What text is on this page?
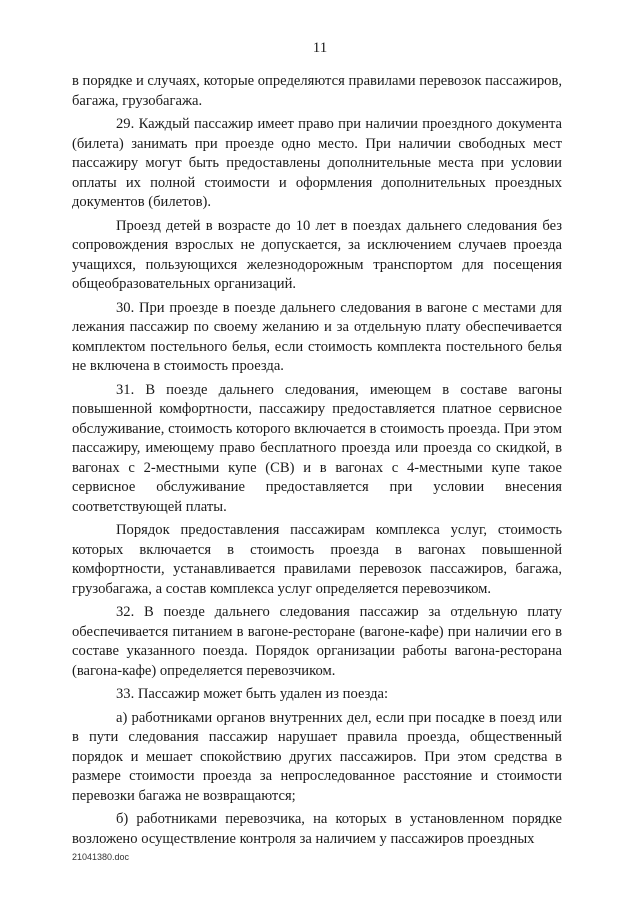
11

в порядке и случаях, которые определяются правилами перевозок пассажиров, багажа, грузобагажа.

29. Каждый пассажир имеет право при наличии проездного документа (билета) занимать при проезде одно место. При наличии свободных мест пассажиру могут быть предоставлены дополнительные места при условии оплаты их полной стоимости и оформления дополнительных проездных документов (билетов).

Проезд детей в возрасте до 10 лет в поездах дальнего следования без сопровождения взрослых не допускается, за исключением случаев проезда учащихся, пользующихся железнодорожным транспортом для посещения общеобразовательных организаций.

30. При проезде в поезде дальнего следования в вагоне с местами для лежания пассажир по своему желанию и за отдельную плату обеспечивается комплектом постельного белья, если стоимость комплекта постельного белья не включена в стоимость проезда.

31. В поезде дальнего следования, имеющем в составе вагоны повышенной комфортности, пассажиру предоставляется платное сервисное обслуживание, стоимость которого включается в стоимость проезда. При этом пассажиру, имеющему право бесплатного проезда или проезда со скидкой, в вагонах с 2-местными купе (СВ) и в вагонах с 4-местными купе такое сервисное обслуживание предоставляется при условии внесения соответствующей платы.

Порядок предоставления пассажирам комплекса услуг, стоимость которых включается в стоимость проезда в вагонах повышенной комфортности, устанавливается правилами перевозок пассажиров, багажа, грузобагажа, а состав комплекса услуг определяется перевозчиком.

32. В поезде дальнего следования пассажир за отдельную плату обеспечивается питанием в вагоне-ресторане (вагоне-кафе) при наличии его в составе указанного поезда. Порядок организации работы вагона-ресторана (вагона-кафе) определяется перевозчиком.

33. Пассажир может быть удален из поезда:

а) работниками органов внутренних дел, если при посадке в поезд или в пути следования пассажир нарушает правила проезда, общественный порядок и мешает спокойствию других пассажиров. При этом средства в размере стоимости проезда за непроследованное расстояние и стоимости перевозки багажа не возвращаются;

б) работниками перевозчика, на которых в установленном порядке возложено осуществление контроля за наличием у пассажиров проездных

21041380.doc
